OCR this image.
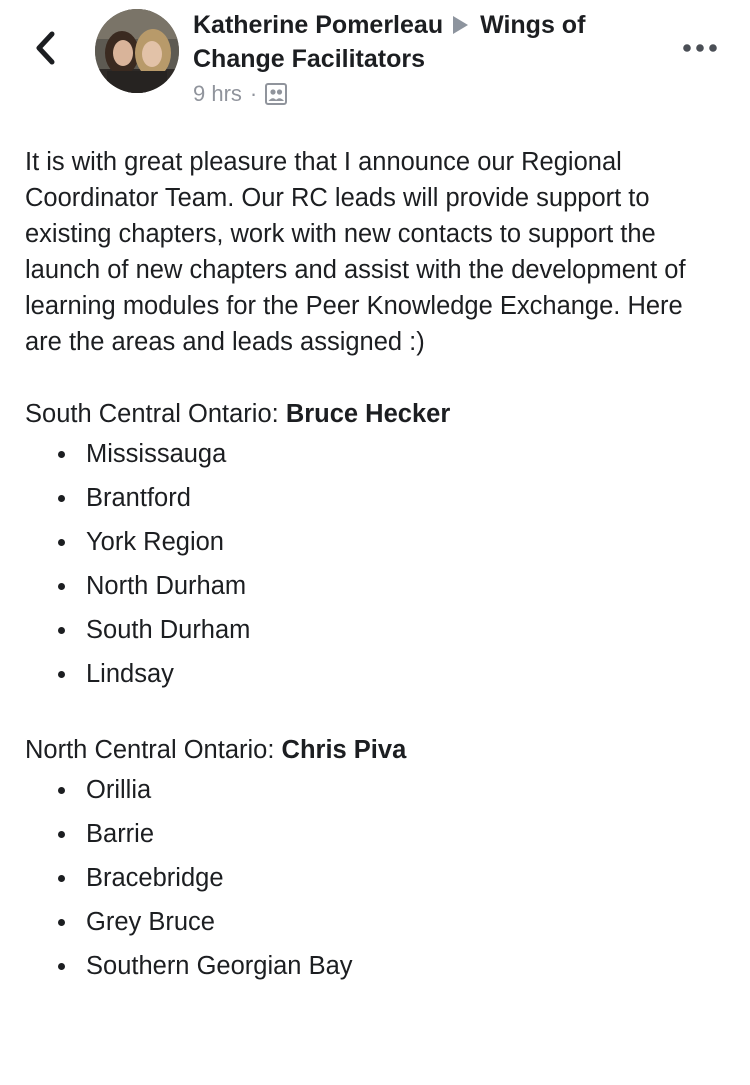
Katherine Pomerleau Wings of
Change Facilitators
9 hrs ·

It is with great pleasure that I announce our Regional Coordinator Team. Our RC leads will provide support to existing chapters, work with new contacts to support the launch of new chapters and assist with the development of learning modules for the Peer Knowledge Exchange. Here are the areas and leads assigned :)

South Central Ontario: Bruce Hecker

Mississauga
Brantford
York Region
North Durham
South Durham
Lindsay

North Central Ontario: Chris Piva

Orillia
Barrie
Bracebridge
Grey Bruce
Southern Georgian Bay
